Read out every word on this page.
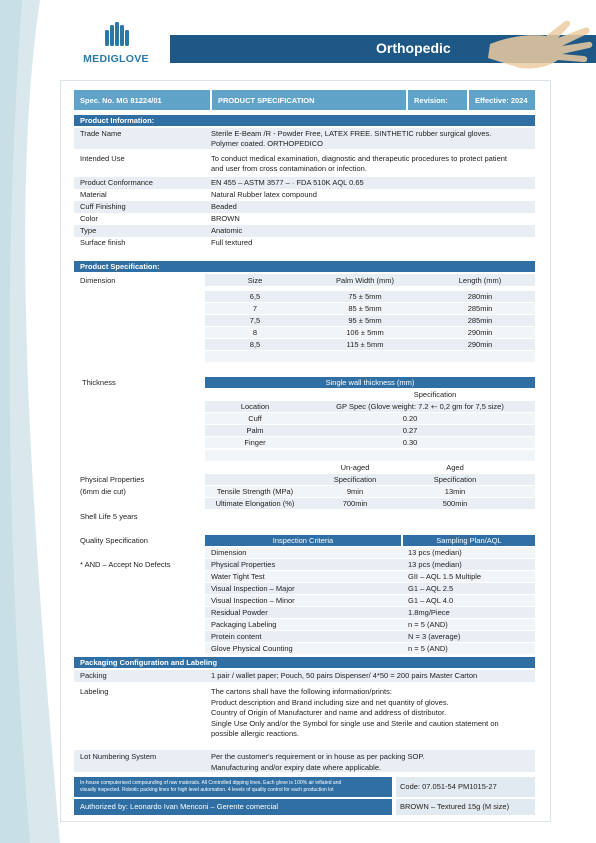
MEDIGLOVE
Orthopedic
Spec. No. MG 81224/01	PRODUCT SPECIFICATION	Revision:	Effective: 2024
Product Information:
Trade Name	Sterile E-Beam /R - Powder Free, LATEX FREE. SINTHETIC rubber surgical gloves.
Polymer coated. ORTHOPEDICO
Intended Use	To conduct medical examination, diagnostic and therapeutic procedures to protect patient
and user from cross contamination or infection.
Product Conformance	EN 455 – ASTM 3577 – · FDA 510K AQL 0.65
Material	Natural Rubber latex compound
Cuff Finishing	Beaded
Color	BROWN
Type	Anatomic
Surface finish	Full textured
Product Specification:
Dimension	Size	Palm Width (mm)	Length (mm)
6,5	75 ± 5mm	280min
7	85 ± 5mm	285min
7,5	95 ± 5mm	285min
8	106 ± 5mm	290min
8,5	115 ± 5mm	290min
Thickness	Single wall thickness (mm)
Specification
Location	GP Spec (Glove weight: 7.2 +- 0,2 gm for 7,5 size)
Cuff	0.20
Palm	0.27
Finger	0.30
Un-aged	Aged
Physical Properties
(6mm die cut)
Specification	Specification
Tensile Strength (MPa)	9min	13min
Ultimate Elongation (%)	700min	500min
Shell Life 5 years
Quality Specification
* AND – Accept No Defects
Inspection Criteria	Sampling Plan/AQL
Dimension	13 pcs (median)
Physical Properties	13 pcs (median)
Water Tight Test	GII – AQL 1.5 Multiple
Visual Inspection – Major	G1 – AQL 2.5
Visual Inspection – Minor	G1 – AQL 4.0
Residual Powder	1.8mg/Piece
Packaging Labeling	n = 5 (AND)
Protein content	N = 3 (average)
Glove Physical Counting	n = 5 (AND)
Packaging Configuration and Labeling
Packing	1 pair / wallet paper; Pouch, 50 pairs Dispenser/ 4*50 = 200 pairs Master Carton
Labeling	The cartons shall have the following information/prints:
Product description and Brand including size and net quantity of gloves.
Country of Origin of Manufacturer and name and address of distributor.
Single Use Only and/or the Symbol for single use and Sterile and caution statement on
possible allergic reactions.
Lot Numbering System	Per the customer's requirement or in house as per packing SOP.
Manufacturing and/or expiry date where applicable.
In-house computerised compounding of raw materials. All Controlled dipping lines. Each glove is 100% air inflated and
visually inspected. Robotic packing lines for high level automation. 4 levels of quality control for each production lot	Code: 07.051-54 PM1015-27
Authorized by: Leonardo Ivan Menconi – Gerente comercial	BROWN – Textured 15g (M size)
